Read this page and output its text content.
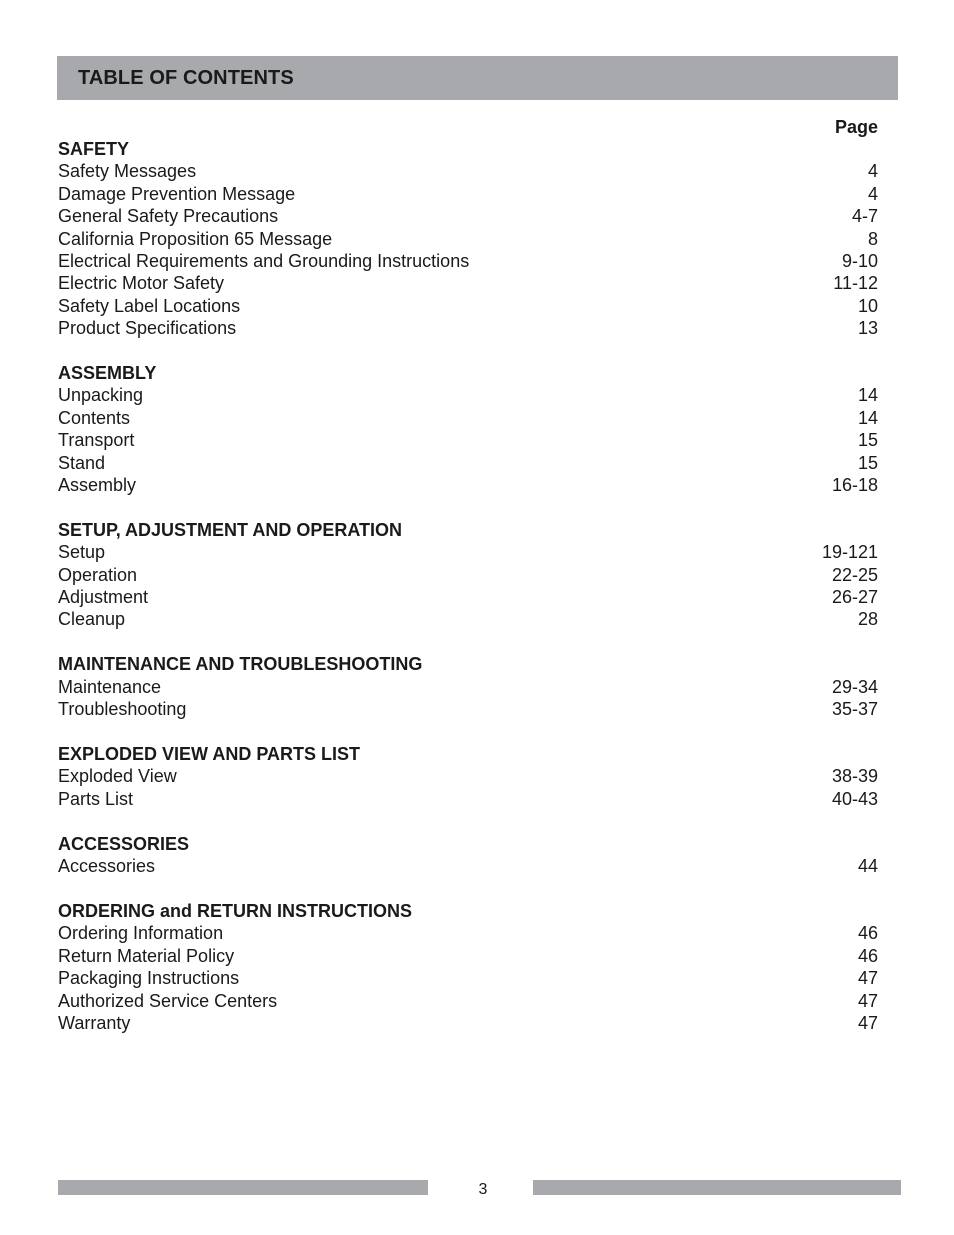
TABLE OF CONTENTS
Page
SAFETY
Safety Messages	4
Damage Prevention Message	4
General Safety Precautions	4-7
California Proposition 65 Message	8
Electrical Requirements and Grounding Instructions	9-10
Electric Motor Safety	11-12
Safety Label Locations	10
Product Specifications	13
ASSEMBLY
Unpacking	14
Contents	14
Transport	15
Stand	15
Assembly	16-18
SETUP, ADJUSTMENT AND OPERATION
Setup	19-121
Operation	22-25
Adjustment	26-27
Cleanup	28
MAINTENANCE AND TROUBLESHOOTING
Maintenance	29-34
Troubleshooting	35-37
EXPLODED VIEW AND PARTS LIST
Exploded View	38-39
Parts List	40-43
ACCESSORIES
Accessories	44
ORDERING and RETURN INSTRUCTIONS
Ordering Information	46
Return Material Policy	46
Packaging Instructions	47
Authorized Service Centers	47
Warranty	47
3
